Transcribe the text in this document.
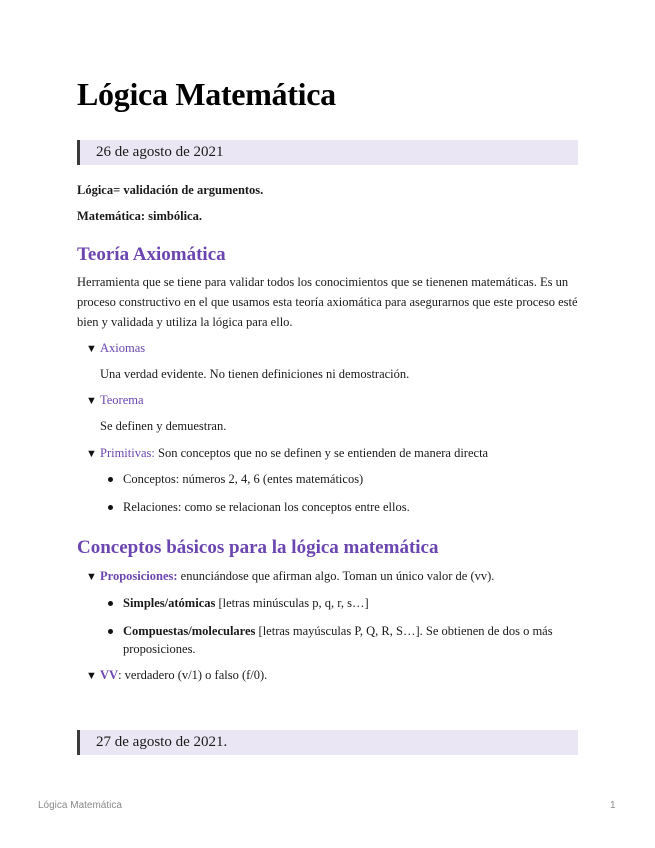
Lógica Matemática
26 de agosto de 2021

Lógica= validación de argumentos.

Matemática: simbólica.

Teoría Axiomática

Herramienta que se tiene para validar todos los conocimientos que se tienenen matemáticas. Es un proceso constructivo en el que usamos esta teoría axiomática para asegurarnos que este proceso esté bien y validada y utiliza la lógica para ello.

▼ Axiomas

Una verdad evidente. No tienen definiciones ni demostración.

▼ Teorema

Se definen y demuestran.

▼ Primitivas: Son conceptos que no se definen y se entienden de manera directa
Conceptos: números 2, 4, 6 (entes matemáticos)
Relaciones: como se relacionan los conceptos entre ellos.
Conceptos básicos para la lógica matemática
▼ Proposiciones: enunciándose que afirman algo. Toman un único valor de (vv).
Simples/atómicas [letras minúsculas p, q, r, s…]
Compuestas/moleculares [letras mayúsculas P, Q, R, S…]. Se obtienen de dos o más proposiciones.
▼ VV: verdadero (v/1) o falso (f/0).
27 de agosto de 2021.
Lógica Matemática	1
